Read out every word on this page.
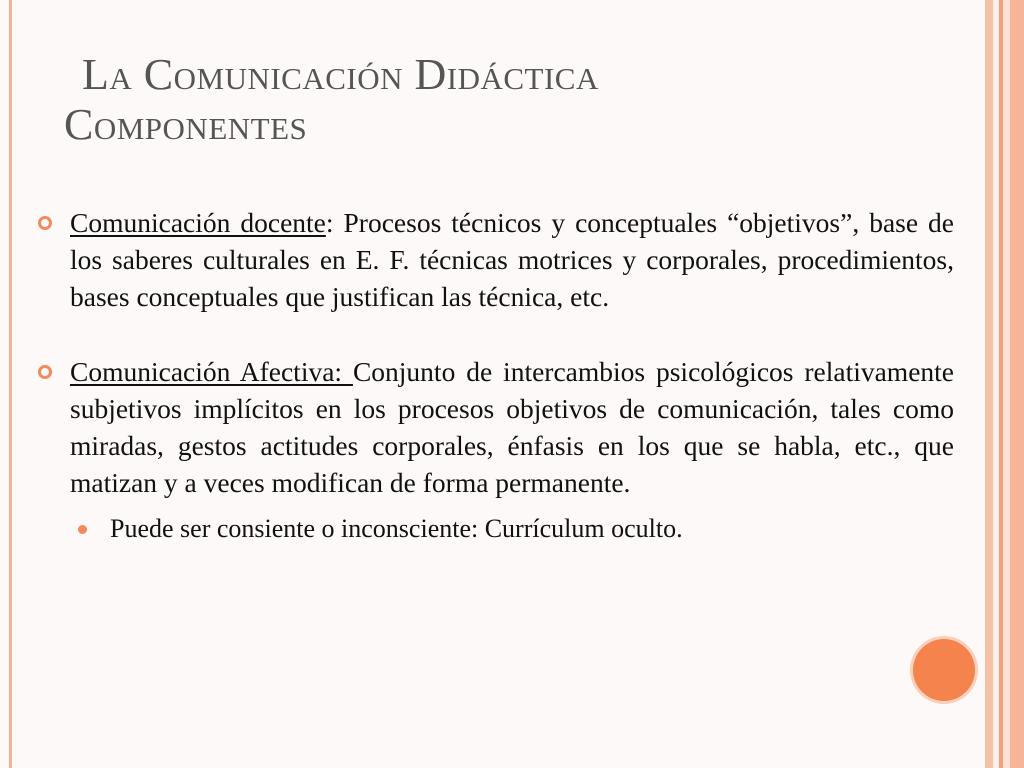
La Comunicación Didáctica
Componentes

Comunicación docente: Procesos técnicos y conceptuales “objetivos”, base de los saberes culturales en E. F. técnicas motrices y corporales, procedimientos, bases conceptuales que justifican las técnica, etc.

Comunicación Afectiva: Conjunto de intercambios psicológicos relativamente subjetivos implícitos en los procesos objetivos de comunicación, tales como miradas, gestos actitudes corporales, énfasis en los que se habla, etc., que matizan y a veces modifican de forma permanente.

Puede ser consiente o inconsciente: Currículum oculto.
